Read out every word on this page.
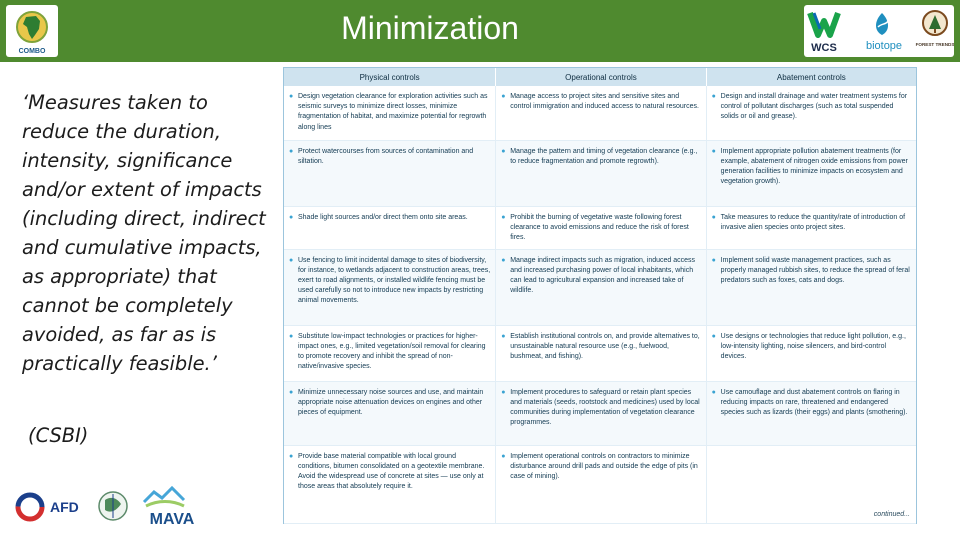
Minimization
COMBO	WCS	biotope	FOREST TRENDS
‘Measures taken to reduce the duration, intensity, significance and/or extent of impacts (including direct, indirect and cumulative impacts, as appropriate) that cannot be completely avoided, as far as is practically feasible.’
(CSBI)
AFD
MAVA
Physical controls	Operational controls	Abatement controls

● Design vegetation clearance for exploration activities such as seismic surveys to minimize direct losses, minimize fragmentation of habitat, and maximize potential for regrowth along lines	● Manage access to project sites and sensitive sites and control immigration and induced access to natural resources.	● Design and install drainage and water treatment systems for control of pollutant discharges (such as total suspended solids or oil and grease).

● Protect watercourses from sources of contamination and siltation.	● Manage the pattern and timing of vegetation clearance (e.g., to reduce fragmentation and promote regrowth).	● Implement appropriate pollution abatement treatments (for example, abatement of nitrogen oxide emissions from power generation facilities to minimize impacts on ecosystem and vegetation growth).

● Shade light sources and/or direct them onto site areas.	● Prohibit the burning of vegetative waste following forest clearance to avoid emissions and reduce the risk of forest fires.	● Take measures to reduce the quantity/rate of introduction of invasive alien species onto project sites.

● Use fencing to limit incidental damage to sites of biodiversity, for instance, to wetlands adjacent to construction areas, trees, exert to road alignments, or installed wildlife fencing must be used carefully so not to introduce new impacts by restricting animal movements.	● Manage indirect impacts such as migration, induced access and increased purchasing power of local inhabitants, which can lead to agricultural expansion and increased take of wildlife.	● Implement solid waste management practices, such as properly managed rubbish sites, to reduce the spread of feral predators such as foxes, cats and dogs.

● Substitute low-impact technologies or practices for higher-impact ones, e.g., limited vegetation/soil removal for clearing to promote recovery and inhibit the spread of non-native/invasive species.	● Establish institutional controls on, and provide alternatives to, unsustainable natural resource use (e.g., fuelwood, bushmeat, and fishing).	● Use designs or technologies that reduce light pollution, e.g., low-intensity lighting, noise silencers, and bird-control devices.

● Minimize unnecessary noise sources and use, and maintain appropriate noise attenuation devices on engines and other pieces of equipment.	● Implement procedures to safeguard or retain plant species and materials (seeds, rootstock and medicines) used by local communities during implementation of vegetation clearance programmes.	● Use camouflage and dust abatement controls on flaring in reducing impacts on rare, threatened and endangered species such as lizards (their eggs) and plants (smothering).

● Provide base material compatible with local ground conditions, bitumen consolidated on a geotextile membrane. Avoid the widespread use of concrete at sites — use only at those areas that absolutely require it.	● Implement operational controls on contractors to minimize disturbance around drill pads and outside the edge of pits (in case of mining).	

continued...
